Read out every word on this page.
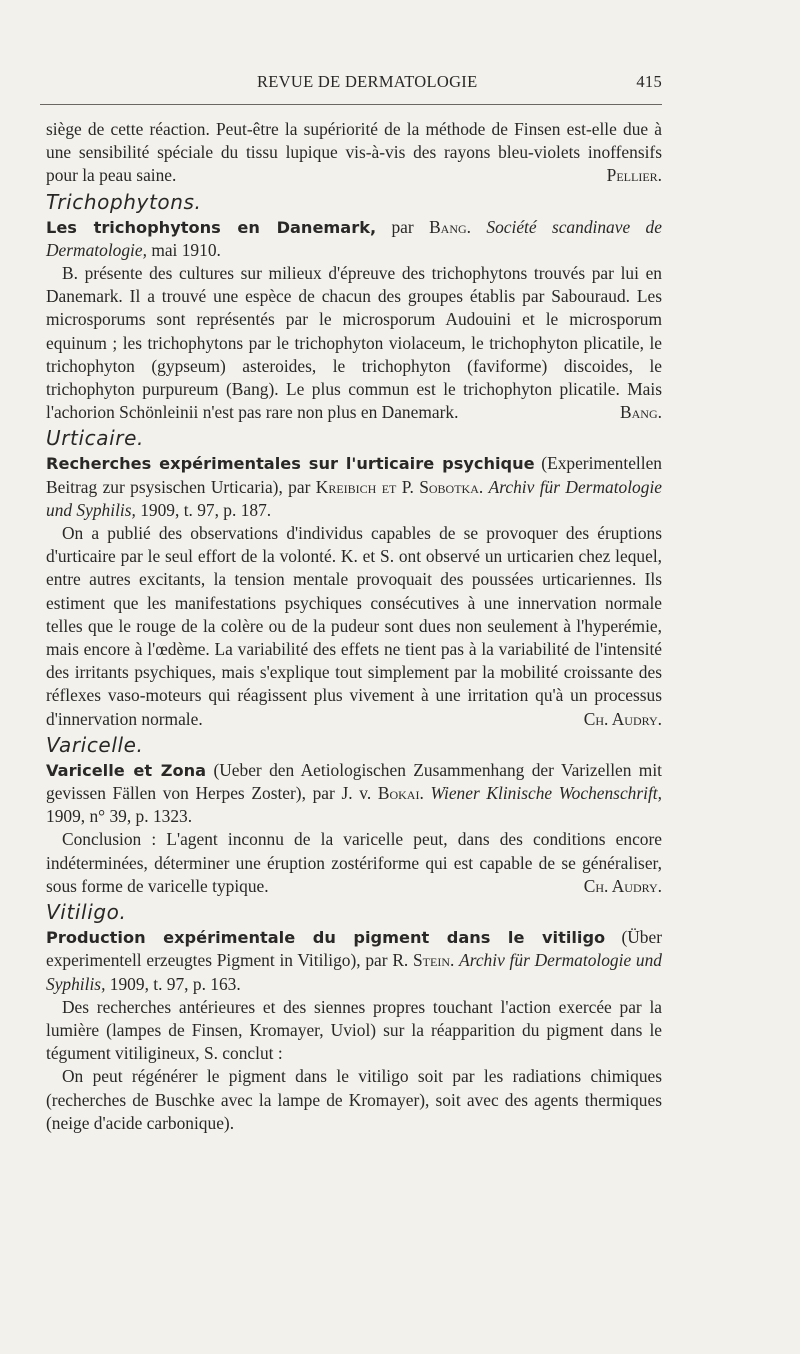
REVUE DE DERMATOLOGIE	415

siège de cette réaction. Peut-être la supériorité de la méthode de Finsen est-elle due à une sensibilité spéciale du tissu lupique vis-à-vis des rayons bleu-violets inoffensifs pour la peau saine.	Pellier.

Trichophytons.

Les trichophytons en Danemark, par Bang. Société scandinave de Dermatologie, mai 1910.

B. présente des cultures sur milieux d'épreuve des trichophytons trouvés par lui en Danemark. Il a trouvé une espèce de chacun des groupes établis par Sabouraud. Les microsporums sont représentés par le microsporum Audouini et le microsporum equinum ; les trichophytons par le trichophyton violaceum, le trichophyton plicatile, le trichophyton (gypseum) asteroides, le trichophyton (faviforme) discoides, le trichophyton purpureum (Bang). Le plus commun est le trichophyton plicatile. Mais l'achorion Schönleinii n'est pas rare non plus en Danemark.	Bang.

Urticaire.

Recherches expérimentales sur l'urticaire psychique (Experimentellen Beitrag zur psysischen Urticaria), par Kreibich et P. Sobotka. Archiv für Dermatologie und Syphilis, 1909, t. 97, p. 187.

On a publié des observations d'individus capables de se provoquer des éruptions d'urticaire par le seul effort de la volonté. K. et S. ont observé un urticarien chez lequel, entre autres excitants, la tension mentale provoquait des poussées urticariennes. Ils estiment que les manifestations psychiques consécutives à une innervation normale telles que le rouge de la colère ou de la pudeur sont dues non seulement à l'hyperémie, mais encore à l'œdème. La variabilité des effets ne tient pas à la variabilité de l'intensité des irritants psychiques, mais s'explique tout simplement par la mobilité croissante des réflexes vaso-moteurs qui réagissent plus vivement à une irritation qu'à un processus d'innervation normale.	Ch. Audry.

Varicelle.

Varicelle et Zona (Ueber den Aetiologischen Zusammenhang der Varizellen mit gevissen Fällen von Herpes Zoster), par J. v. Bokai. Wiener Klinische Wochenschrift, 1909, n° 39, p. 1323.

Conclusion : L'agent inconnu de la varicelle peut, dans des conditions encore indéterminées, déterminer une éruption zostériforme qui est capable de se généraliser, sous forme de varicelle typique.	Ch. Audry.

Vitiligo.

Production expérimentale du pigment dans le vitiligo (Über experimentell erzeugtes Pigment in Vitiligo), par R. Stein. Archiv für Dermatologie und Syphilis, 1909, t. 97, p. 163.

Des recherches antérieures et des siennes propres touchant l'action exercée par la lumière (lampes de Finsen, Kromayer, Uviol) sur la réapparition du pigment dans le tégument vitiligineux, S. conclut :

On peut régénérer le pigment dans le vitiligo soit par les radiations chimiques (recherches de Buschke avec la lampe de Kromayer), soit avec des agents thermiques (neige d'acide carbonique).
